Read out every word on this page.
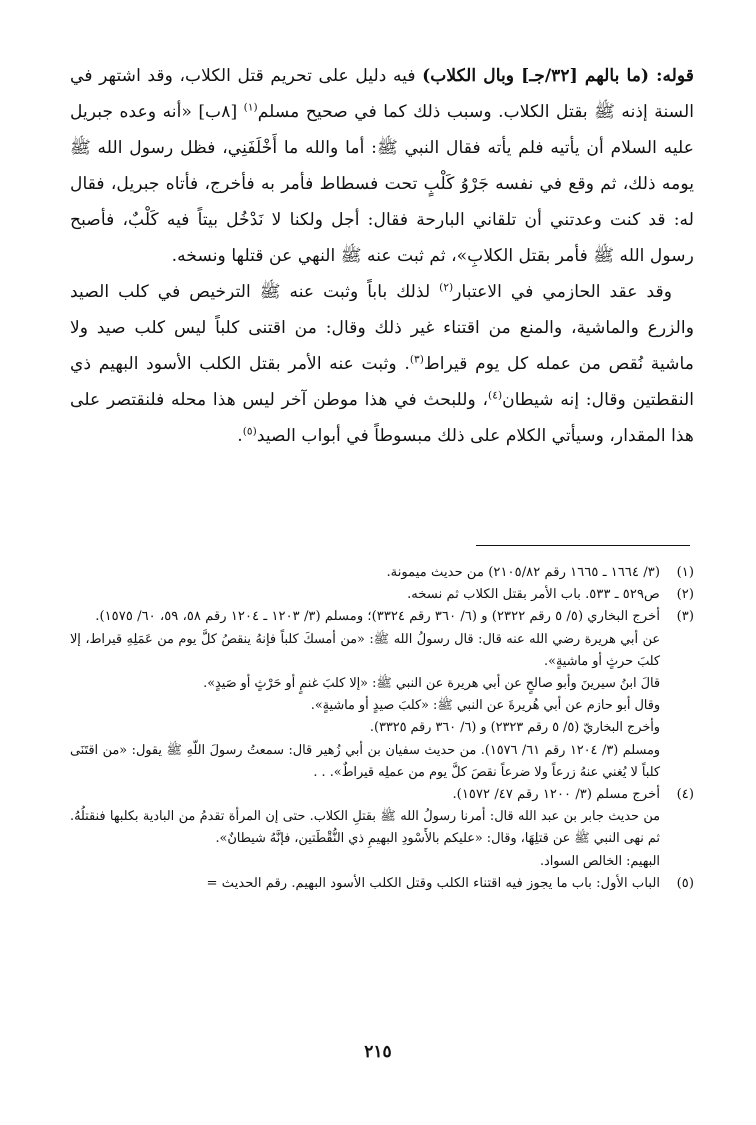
قوله: (ما بالهم [٣٢/جـ] وبال الكلاب) فيه دليل على تحريم قتل الكلاب، وقد اشتهر في السنة إذنه ﷺ بقتل الكلاب. وسبب ذلك كما في صحيح مسلم$^{(١)}$ [٨ب] «أنه وعده جبريل عليه السلام أن يأتيه فلم يأته فقال النبي ﷺ: أما والله ما أَخْلَفَنِي، فظل رسول الله ﷺ يومه ذلك، ثم وقع في نفسه جَرْوُ كَلْبٍ تحت فسطاط فأمر به فأخرج، فأتاه جبريل، فقال له: قد كنت وعدتني أن تلقاني البارحة فقال: أجل ولكنا لا نَدْخُل بيتاً فيه كَلْبٌ، فأصبح رسول الله ﷺ فأمر بقتل الكلابِ»، ثم ثبت عنه ﷺ النهي عن قتلها ونسخه.

وقد عقد الحازمي في الاعتبار$^{(٢)}$ لذلك باباً وثبت عنه ﷺ الترخيص في كلب الصيد والزرع والماشية، والمنع من اقتناء غير ذلك وقال: من اقتنى كلباً ليس كلب صيد ولا ماشية نُقص من عمله كل يوم قيراط$^{(٣)}$. وثبت عنه الأمر بقتل الكلب الأسود البهيم ذي النقطتين وقال: إنه شيطان$^{(٤)}$، وللبحث في هذا موطن آخر ليس هذا محله فلنقتصر على هذا المقدار، وسيأتي الكلام على ذلك مبسوطاً في أبواب الصيد$^{(٥)}$.

(١)

(٣/ ١٦٦٤ ـ ١٦٦٥ رقم ٢١٠٥/٨٢) من حديث ميمونة.

(٢)

ص٥٢٩ ـ ٥٣٣. باب الأمر بقتل الكلاب ثم نسخه.

(٣)

أخرج البخاري (٥/ ٥ رقم ٢٣٢٢) و (٦/ ٣٦٠ رقم ٣٣٢٤)؛ ومسلم (٣/ ١٢٠٣ ـ ١٢٠٤ رقم ٥٨، ٥٩، ٦٠/ ١٥٧٥).

عن أبي هريرة رضي الله عنه قال: قال رسولُ الله ﷺ: «من أمسكَ كلباً فإنهُ ينقصُ كلَّ يوم من عَمَلِهِ قيراط، إلا كلبَ حرثٍ أو ماشيةٍ».

قالَ ابنُ سيرينَ وأبو صالحٍ عن أبي هريرة عن النبي ﷺ: «إلا كلبَ غنمٍ أو حَرْثٍ أو صَيدٍ».

وقال أبو حازم عن أبي هُريرةَ عن النبي ﷺ: «كلبَ صيدٍ أو ماشيةٍ».

وأخرج البخاريّ (٥/ ٥ رقم ٢٣٢٣) و (٦/ ٣٦٠ رقم ٣٣٢٥).

ومسلم (٣/ ١٢٠٤ رقم ٦١/ ١٥٧٦). من حديث سفيان بن أبي زُهير قال: سمعتُ رسولَ اللّهِ ﷺ يقول: «من اقتَنَى كلباً لا يُغني عنهُ زرعاً ولا ضرعاً نقصَ كلَّ يوم من عملِه قيراطٌ». . .

(٤)

أخرج مسلم (٣/ ١٢٠٠ رقم ٤٧/ ١٥٧٢).

من حديث جابر بن عبد الله قال: أمرنا رسولُ الله ﷺ بقتلِ الكلاب. حتى إن المرأة تقدمُ من البادية بكلبها فنقتلُهُ. ثم نهى النبي ﷺ عن قتلِهَا، وقال: «عليكم بالأَسْودِ البهيمِ ذي النُّقْطَتين، فإنَّهُ شيطانٌ».

البهيم: الخالص السواد.

(٥)

الباب الأول: باب ما يجوز فيه اقتناء الكلب وقتل الكلب الأسود البهيم. رقم الحديث =

٢١٥
